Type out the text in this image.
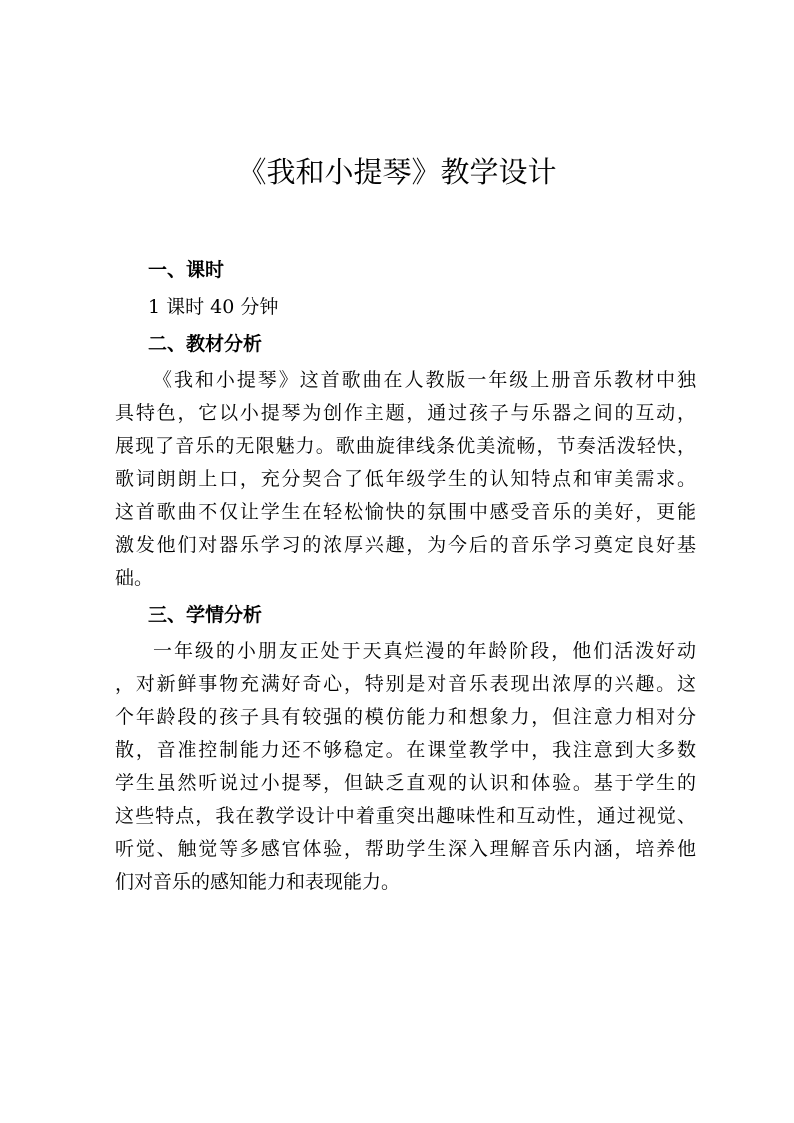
《我和小提琴》教学设计
一、课时

1 课时 40 分钟

二、教材分析
《我和小提琴》这首歌曲在人教版一年级上册音乐教材中独
具特色，它以小提琴为创作主题，通过孩子与乐器之间的互动，
展现了音乐的无限魅力。歌曲旋律线条优美流畅，节奏活泼轻快，
歌词朗朗上口，充分契合了低年级学生的认知特点和审美需求。
这首歌曲不仅让学生在轻松愉快的氛围中感受音乐的美好，更能
激发他们对器乐学习的浓厚兴趣，为今后的音乐学习奠定良好基
础。
三、学情分析
一年级的小朋友正处于天真烂漫的年龄阶段，他们活泼好动
，对新鲜事物充满好奇心，特别是对音乐表现出浓厚的兴趣。这
个年龄段的孩子具有较强的模仿能力和想象力，但注意力相对分
散，音准控制能力还不够稳定。在课堂教学中，我注意到大多数
学生虽然听说过小提琴，但缺乏直观的认识和体验。基于学生的
这些特点，我在教学设计中着重突出趣味性和互动性，通过视觉、
听觉、触觉等多感官体验，帮助学生深入理解音乐内涵，培养他
们对音乐的感知能力和表现能力。
